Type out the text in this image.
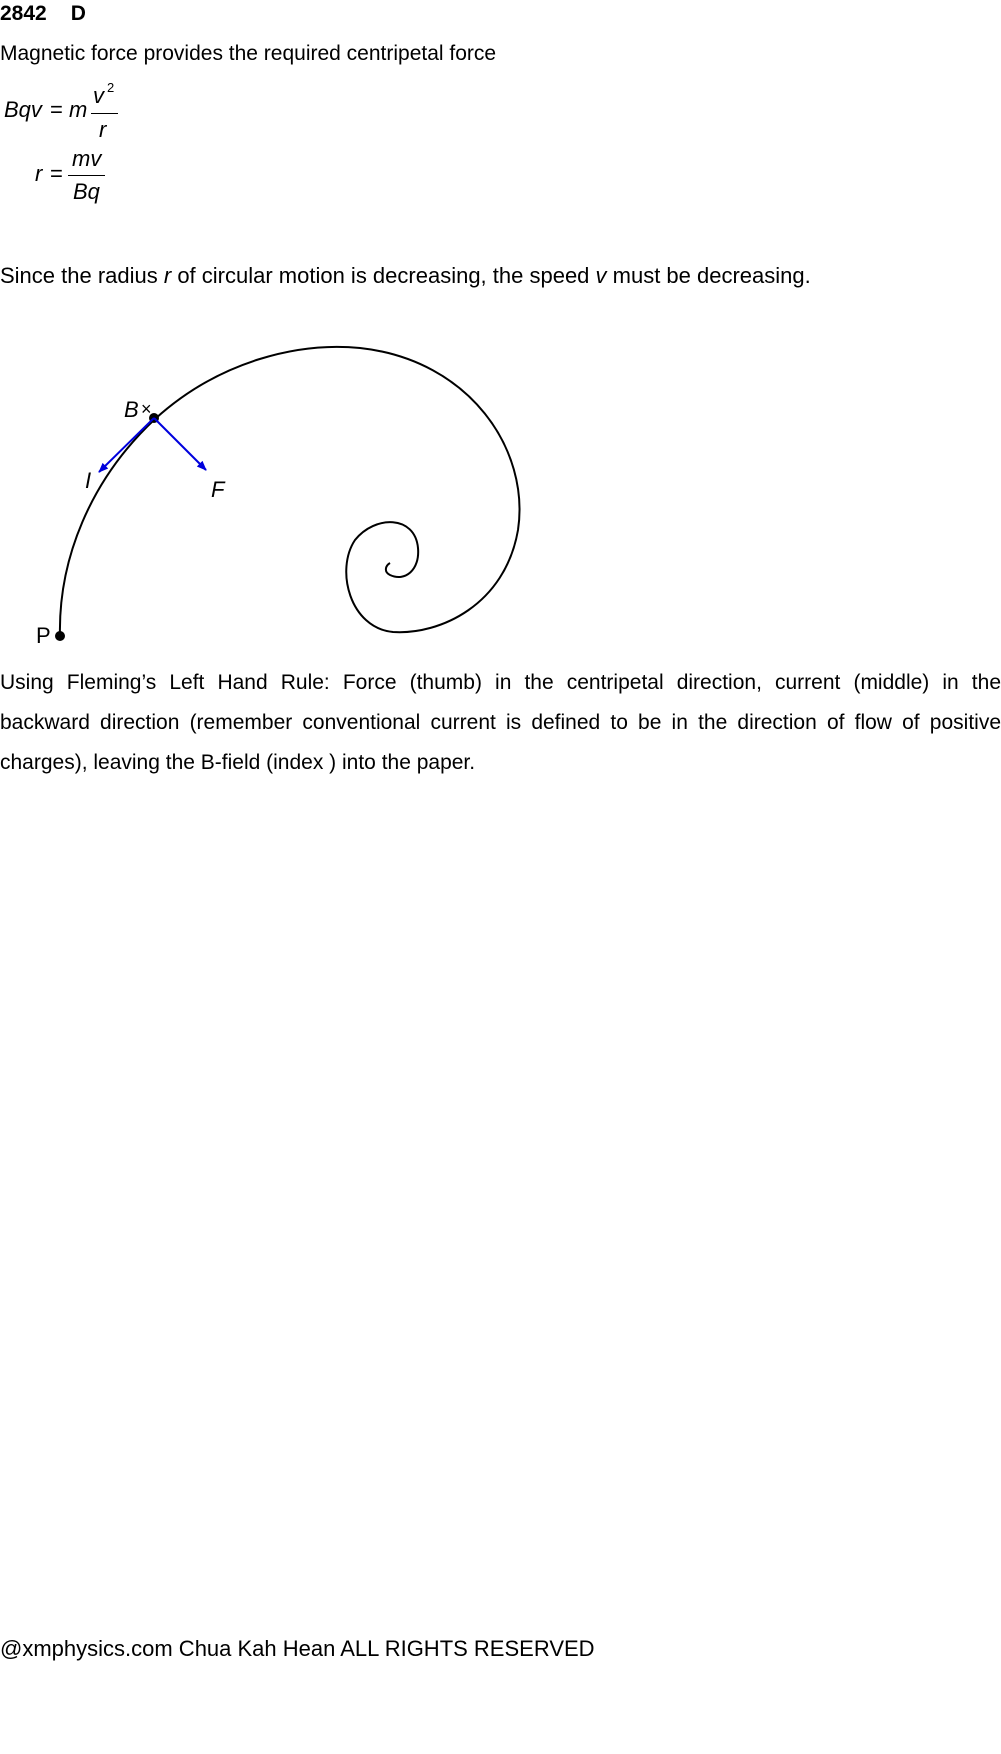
2842 D
Magnetic force provides the required centripetal force
Bqv = m
v 2
r
r =
mv
Bq
Since the radius r of circular motion is decreasing, the speed v must be decreasing.
B ×
I	F
P
Using Fleming’s Left Hand Rule: Force (thumb) in the centripetal direction, current (middle) in the
backward direction (remember conventional current is defined to be in the direction of flow of positive
charges), leaving the B-field (index ) into the paper.
@xmphysics.com Chua Kah Hean ALL RIGHTS RESERVED
